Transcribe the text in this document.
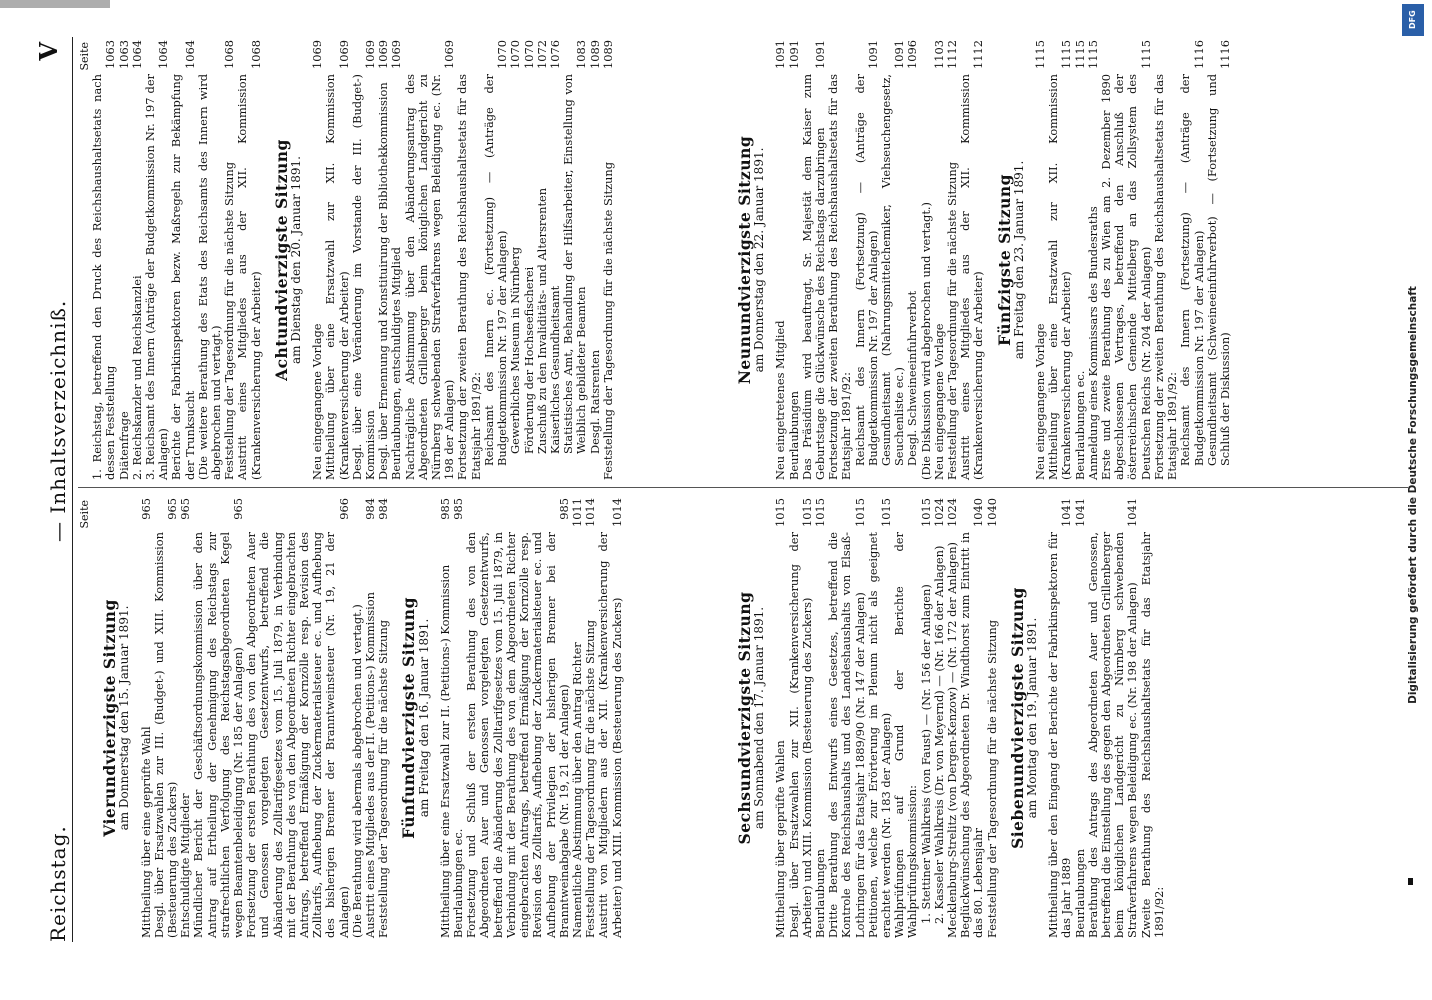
Reichstag.
— Inhaltsverzeichniß.
V
Seite
Vierundvierzigste Sitzung
am Donnerstag den 15. Januar 1891.
Mittheilung über eine geprüfte Wahl
965
Desgl. über Ersatzwahlen zur III. (Budget-) und XIII. Kommission (Besteuerung des Zuckers)
965
Entschuldigte Mitglieder
965
Mündlicher Bericht der Geschäftsordnungskommission über den Antrag auf Ertheilung der Genehmigung des Reichstags zur strafrechtlichen Verfolgung des Reichstagsabgeordneten Kegel wegen Beamtenbeleidigung (Nr. 185 der Anlagen)
965
Fortsetzung der ersten Berathung des von den Abgeordneten Auer und Genossen vorgelegten Gesetzentwurfs, betreffend die Abänderung des Zolltarifgesetzes vom 15. Juli 1879, in Verbindung mit der Berathung des von den Abgeordneten Richter eingebrachten Antrags, betreffend Ermäßigung der Kornzölle resp. Revision des Zolltarifs, Aufhebung der Zuckermaterialsteuer ec. und Aufhebung des bisherigen Brenner der Branntweinsteuer (Nr. 19, 21 der Anlagen)
966
(Die Berathung wird abermals abgebrochen und vertagt.) Austritt eines Mitgliedes aus der II. (Petitions-) Kommission
984
Feststellung der Tagesordnung für die nächste Sitzung
984
Fünfundvierzigste Sitzung
am Freitag den 16. Januar 1891. Mittheilung über eine Ersatzwahl zur II. (Petitions-) Kommission
985
Beurlaubungen ec.
985
Fortsetzung und Schluß der ersten Berathung des von den Abgeordneten Auer und Genossen vorgelegten Gesetzentwurfs, betreffend die Abänderung des Zolltarifgesetzes vom 15. Juli 1879, in Verbindung mit der Berathung des von dem Abgeordneten Richter eingebrachten Antrags, betreffend Ermäßigung der Kornzölle resp. Revision des Zolltarifs, Aufhebung der Zuckermaterialsteuer ec. und Aufhebung der Privilegien der bisherigen Brenner bei der Branntweinabgabe (Nr. 19, 21 der Anlagen)
985
Namentliche Abstimmung über den Antrag Richter
1011
Feststellung der Tagesordnung für die nächste Sitzung
1014
Austritt von Mitgliedern aus der XII. (Krankenversicherung der Arbeiter) und XIII. Kommission (Besteuerung des Zuckers)
1014
Sechsundvierzigste Sitzung
am Sonnabend den 17. Januar 1891.
Mittheilung über geprüfte Wahlen
1015
Desgl. über Ersatzwahlen zur XII. (Krankenversicherung der Arbeiter) und XIII. Kommission (Besteuerung des Zuckers)
1015
Beurlaubungen
1015
Dritte Berathung des Entwurfs eines Gesetzes, betreffend die Kontrole des Reichshaushalts und des Landeshaushalts von Elsaß-Lothringen für das Etatsjahr 1889/90 (Nr. 147 der Anlagen)
1015
Petitionen, welche zur Erörterung im Plenum nicht als geeignet erachtet werden (Nr. 183 der Anlagen)
1015
Wahlprüfungen auf Grund der Berichte der Wahlprüfungskommission: 1. Stettiner Wahlkreis (von Faust) — (Nr. 156 der Anlagen)
1015
2. Kasseler Wahlkreis (Dr. von Meyernd) — (Nr. 166 der Anlagen)
1024
Mecklenburg-Strelitz (von Dergen-Kenzow) — (Nr. 172 der Anlagen)
1024
Beglückwünschung des Abgeordneten Dr. Windthorst zum Eintritt in das 80. Lebensjahr
1040
Feststellung der Tagesordnung für die nächste Sitzung
1040
Siebenundvierzigste Sitzung
am Montag den 19. Januar 1891. Mittheilung über den Eingang der Berichte der Fabrikinspektoren für das Jahr 1889
1041
Beurlaubungen
1041
Berathung des Antrags des Abgeordneten Auer und Genossen, betreffend die Einstellung des gegen den Abgeordneten Grillenberger beim königlichen Landgericht zu Nürnberg schwebenden Strafverfahrens wegen Beleidigung ec. (Nr. 198 der Anlagen)
1041
Zweite Berathung des Reichshaushaltsetats für das Etatsjahr 1891/92:
Seite
1. Reichstag, betreffend den Druck des Reichshaushaltsetats nach dessen Feststellung
1063
Diätenfrage
1063
2. Reichskanzler und Reichskanzlei
1064
3. Reichsamt des Innern (Anträge der Budgetkommission Nr. 197 der Anlagen)
1064
Berichte der Fabrikinspektoren bezw. Maßregeln zur Bekämpfung der Trunksucht
1064
(Die weitere Berathung des Etats des Reichsamts des Innern wird abgebrochen und vertagt.) Feststellung der Tagesordnung für die nächste Sitzung
1068
Austritt eines Mitgliedes aus der XII. Kommission (Krankenversicherung der Arbeiter)
1068
Achtundvierzigste Sitzung
am Dienstag den 20. Januar 1891.
Neu eingegangene Vorlage
1069
Mittheilung über eine Ersatzwahl zur XII. Kommission (Krankenversicherung der Arbeiter)
1069
Desgl. über eine Veränderung im Vorstande der III. (Budget-) Kommission
1069
Desgl. über Ernennung und Konstituirung der Bibliothekkommission
1069
Beurlaubungen, entschuldigtes Mitglied
1069
Nachträgliche Abstimmung über den Abänderungsantrag des Abgeordneten Grillenberger beim königlichen Landgericht zu Nürnberg schwebenden Strafverfahrens wegen Beleidigung ec. (Nr. 198 der Anlagen)
1069
Fortsetzung der zweiten Berathung des Reichshaushaltsetats für das Etatsjahr 1891/92: Reichsamt des Innern ec. (Fortsetzung) — (Anträge der Budgetkommission Nr. 197 der Anlagen)
1070
Gewerbliches Museum in Nürnberg
1070
Förderung der Hochseefischerei
1070
Zuschuß zu den Invaliditäts- und Altersrenten
1072
Kaiserliches Gesundheitsamt
1076
Statistisches Amt, Behandlung der Hilfsarbeiter, Einstellung von Weiblich gebildeter Beamten
1083
Desgl. Ratsrenten
1089
Feststellung der Tagesordnung für die nächste Sitzung
1089
Neunundvierzigste Sitzung
am Donnerstag den 22. Januar 1891.
Neu eingetretenes Mitglied
1091
Beurlaubungen
1091
Das Präsidium wird beauftragt, Sr. Majestät dem Kaiser zum Geburtstage die Glückwünsche des Reichstags darzubringen
1091
Fortsetzung der zweiten Berathung des Reichshaushaltsetats für das Etatsjahr 1891/92: Reichsamt des Innern (Fortsetzung) — (Anträge der Budgetkommission Nr. 197 der Anlagen)
1091
Gesundheitsamt (Nahrungsmittelchemiker, Viehseuchengesetz, Seuchenliste ec.)
1091
Desgl. Schweineeinfuhrverbot
1096
(Die Diskussion wird abgebrochen und vertagt.) Neu eingegangene Vorlage
1103
Feststellung der Tagesordnung für die nächste Sitzung
1112
Austritt eines Mitgliedes aus der XII. Kommission (Krankenversicherung der Arbeiter)
1112
Fünfzigste Sitzung
am Freitag den 23. Januar 1891.
Neu eingegangene Vorlage
1115
Mittheilung über eine Ersatzwahl zur XII. Kommission (Krankenversicherung der Arbeiter)
1115
Beurlaubungen ec.
1115
Anmeldung eines Kommissars des Bundesraths
1115
Erste und zweite Berathung des zu Wien am 2. Dezember 1890 abgeschlossenen Vertrages, betreffend den Anschluß der österreichischen Gemeinde Mittelberg an das Zollsystem des Deutschen Reichs (Nr. 204 der Anlagen)
1115
Fortsetzung der zweiten Berathung des Reichshaushaltsetats für das Etatsjahr 1891/92: Reichsamt des Innern (Fortsetzung) — (Anträge der Budgetkommission Nr. 197 der Anlagen)
1116
Gesundheitsamt (Schweineeinfuhrverbot) — (Fortsetzung und Schluß der Diskussion)
1116
DFG
Digitalisierung gefördert durch die Deutsche Forschungsgemeinschaft
